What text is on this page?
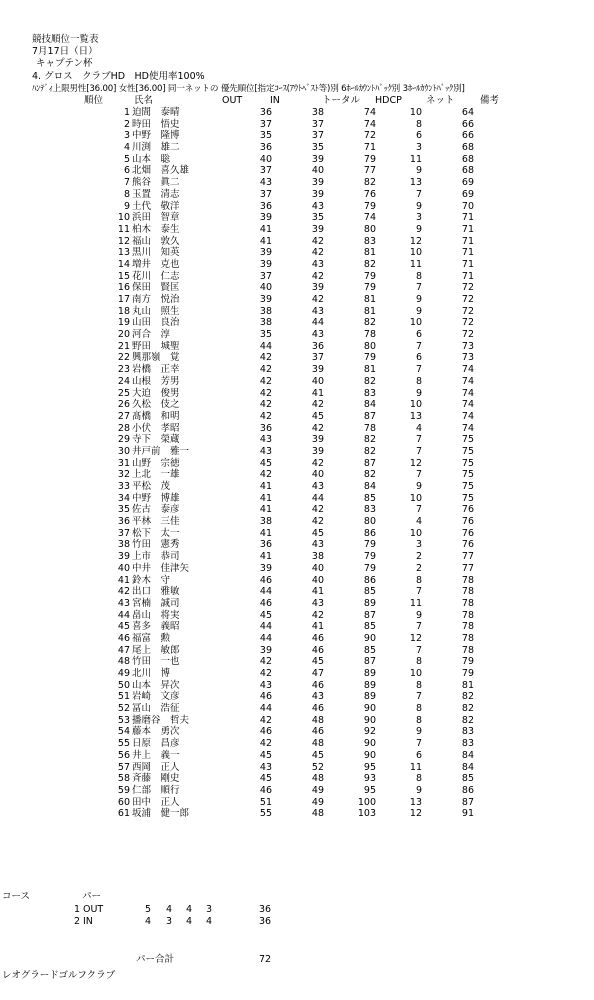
競技順位一覧表
7月17日（日）
キャプテン杯
4. グロス　クラブHD　HD使用率100%
ﾊﾝﾃﾞｨ上限男性[36.00] 女性[36.00] 同一ネットの 優先順位[指定ｺｰｽ(ｱｳﾄﾍﾞｽﾄ等)別 6ﾎｰﾙｶｳﾝﾄﾊﾞｯｸ別 3ﾎｰﾙｶｳﾝﾄﾊﾞｯｸ別]
順位	氏名	OUT	IN	トータル HDCP	ネット	備考
1 迫間　泰晴	36	38	74	10	64
2 時田　悟史	37	37	74	8	66
3 中野　隆博	35	37	72	6	66
4 川渕　雄二	36	35	71	3	68
5 山本　聡	40	39	79	11	68
6 北畑　喜久雄	37	40	77	9	68
7 熊谷　眞二	43	39	82	13	69
8 玉置　清志	37	39	76	7	69
9 土代　敬洋	36	43	79	9	70
10 浜田　智章	39	35	74	3	71
11 柏木　泰生	41	39	80	9	71
12 福山　敦久	41	42	83	12	71
13 黒川　知英	39	42	81	10	71
14 増井　克也	39	43	82	11	71
15 花川　仁志	37	42	79	8	71
16 保田　賢匡	40	39	79	7	72
17 南方　悦治	39	42	81	9	72
18 丸山　照生	38	43	81	9	72
19 山田　良治	38	44	82	10	72
20 河合　淳	35	43	78	6	72
21 野田　城聖	44	36	80	7	73
22 興那嶺　覚	42	37	79	6	73
23 岩橋　正幸	42	39	81	7	74
24 山根　芳男	42	40	82	8	74
25 大迫　俊男	42	41	83	9	74
26 久松　伎之	42	42	84	10	74
27 髙橋　和明	42	45	87	13	74
28 小伏　孝昭	36	42	78	4	74
29 寺下　榮蔵	43	39	82	7	75
30 井戸前　雅一	43	39	82	7	75
31 山野　宗徳	45	42	87	12	75
32 上北　一雄	42	40	82	7	75
33 平松　茂	41	43	84	9	75
34 中野　博雄	41	44	85	10	75
35 佐古　泰彦	41	42	83	7	76
36 平林　三佳	38	42	80	4	76
37 松下　太一	41	45	86	10	76
38 竹田　憲秀	36	43	79	3	76
39 上市　恭司	41	38	79	2	77
40 中井　佳津矢	39	40	79	2	77
41 鈴木　守	46	40	86	8	78
42 出口　雅敏	44	41	85	7	78
43 宮楠　誠司	46	43	89	11	78
44 畠山　将実	45	42	87	9	78
45 喜多　義昭	44	41	85	7	78
46 福富　勲	44	46	90	12	78
47 尾上　敏郎	39	46	85	7	78
48 竹田　一也	42	45	87	8	79
49 北川　博	42	47	89	10	79
50 山本　昇次	43	46	89	8	81
51 岩崎　文彦	46	43	89	7	82
52 冨山　浩征	44	46	90	8	82
53 播磨谷　哲夫	42	48	90	8	82
54 藤本　勇次	46	46	92	9	83
55 日原　昌彦	42	48	90	7	83
56 井上　義一	45	45	90	6	84
57 西岡　正人	43	52	95	11	84
58 斉藤　剛史	45	48	93	8	85
59 仁部　順行	46	49	95	9	86
60 田中　正人	51	49	100	13	87
61 坂浦　健一郎	55	48	103	12	91
コース	パー
1 OUT	5 4 4 3	36
2 IN	4 3 4 4	36
パー合計	72
レオグラードゴルフクラブ
